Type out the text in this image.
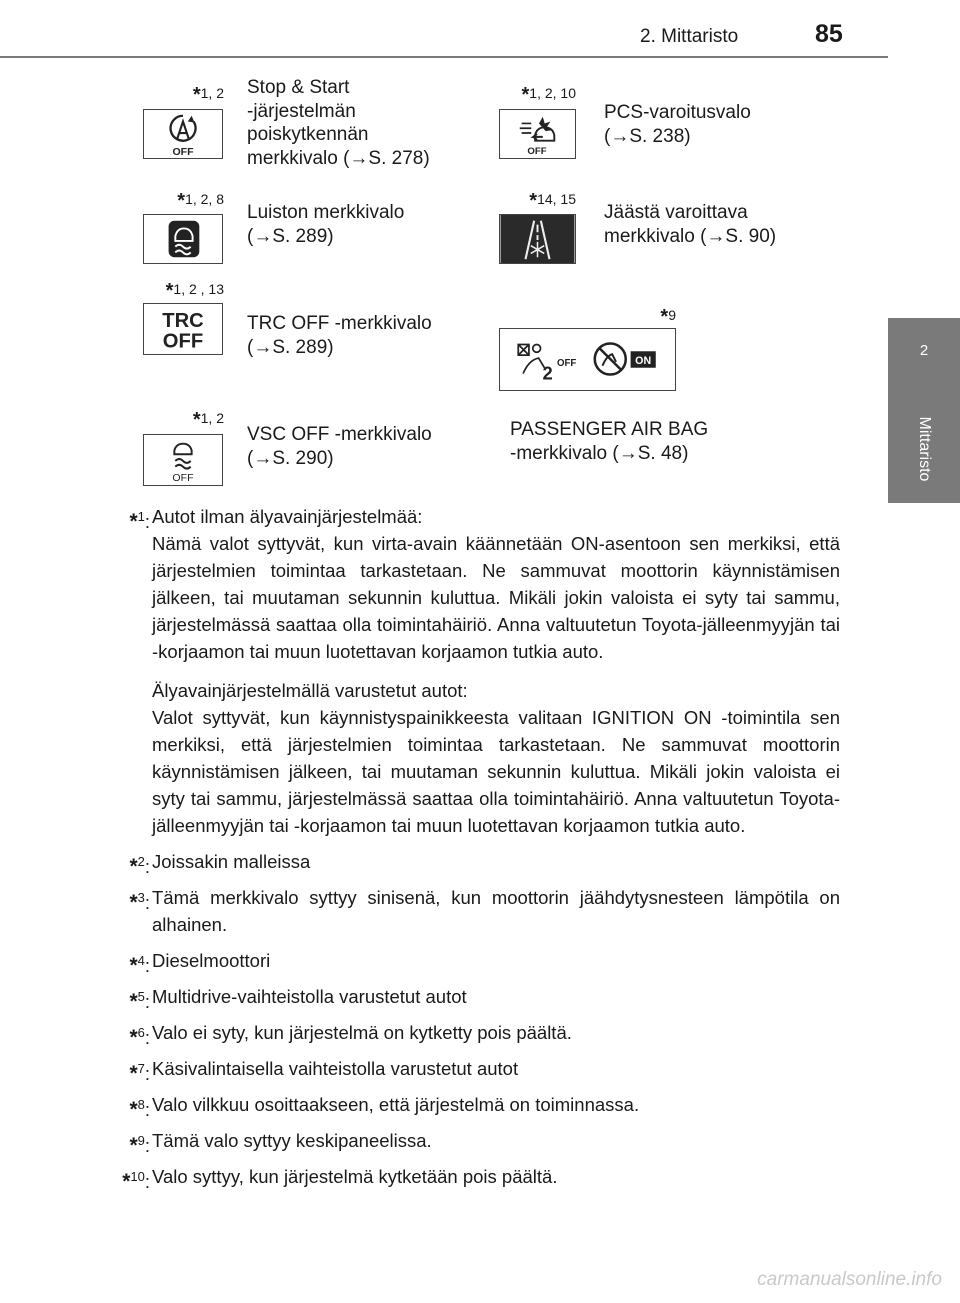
2. Mittaristo	85
2
Mittaristo
*1, 2
OFF
Stop & Start
-järjestelmän
poiskytkennän
merkkivalo (→S. 278)
*1, 2, 10
OFF
PCS-varoitusvalo
(→S. 238)
*1, 2, 8
Luiston merkkivalo
(→S. 289)
*14, 15
Jäästä varoittava
merkkivalo (→S. 90)
*1, 2 , 13
TRC
OFF
TRC OFF -merkkivalo
(→S. 289)
*9
2 OFF	ON
PASSENGER AIR BAG
-merkkivalo (→S. 48)
*1, 2
OFF
VSC OFF -merkkivalo
(→S. 290)
*$^1$: Autot ilman älyavainjärjestelmää:
Nämä valot syttyvät, kun virta-avain käännetään ON-asentoon sen merkiksi, että järjestelmien toimintaa tarkastetaan. Ne sammuvat moottorin käynnistämisen jälkeen, tai muutaman sekunnin kuluttua. Mikäli jokin valoista ei syty tai sammu, järjestelmässä saattaa olla toimintahäiriö. Anna valtuutetun Toyota-jälleenmyyjän tai -korjaamon tai muun luotettavan korjaamon tutkia auto.

Älyavainjärjestelmällä varustetut autot:
Valot syttyvät, kun käynnistyspainikkeesta valitaan IGNITION ON -toimintila sen merkiksi, että järjestelmien toimintaa tarkastetaan. Ne sammuvat moottorin käynnistämisen jälkeen, tai muutaman sekunnin kuluttua. Mikäli jokin valoista ei syty tai sammu, järjestelmässä saattaa olla toimintahäiriö. Anna valtuutetun Toyota-jälleenmyyjän tai -korjaamon tai muun luotettavan korjaamon tutkia auto.

*$^2$: Joissakin malleissa

*$^3$: Tämä merkkivalo syttyy sinisenä, kun moottorin jäähdytysnesteen lämpötila on alhainen.

*$^4$: Dieselmoottori

*$^5$: Multidrive-vaihteistolla varustetut autot

*$^6$: Valo ei syty, kun järjestelmä on kytketty pois päältä.

*$^7$: Käsivalintaisella vaihteistolla varustetut autot

*$^8$: Valo vilkkuu osoittaakseen, että järjestelmä on toiminnassa.

*$^9$: Tämä valo syttyy keskipaneelissa.

*$^{10}$: Valo syttyy, kun järjestelmä kytketään pois päältä.

carmanualsonline.info
